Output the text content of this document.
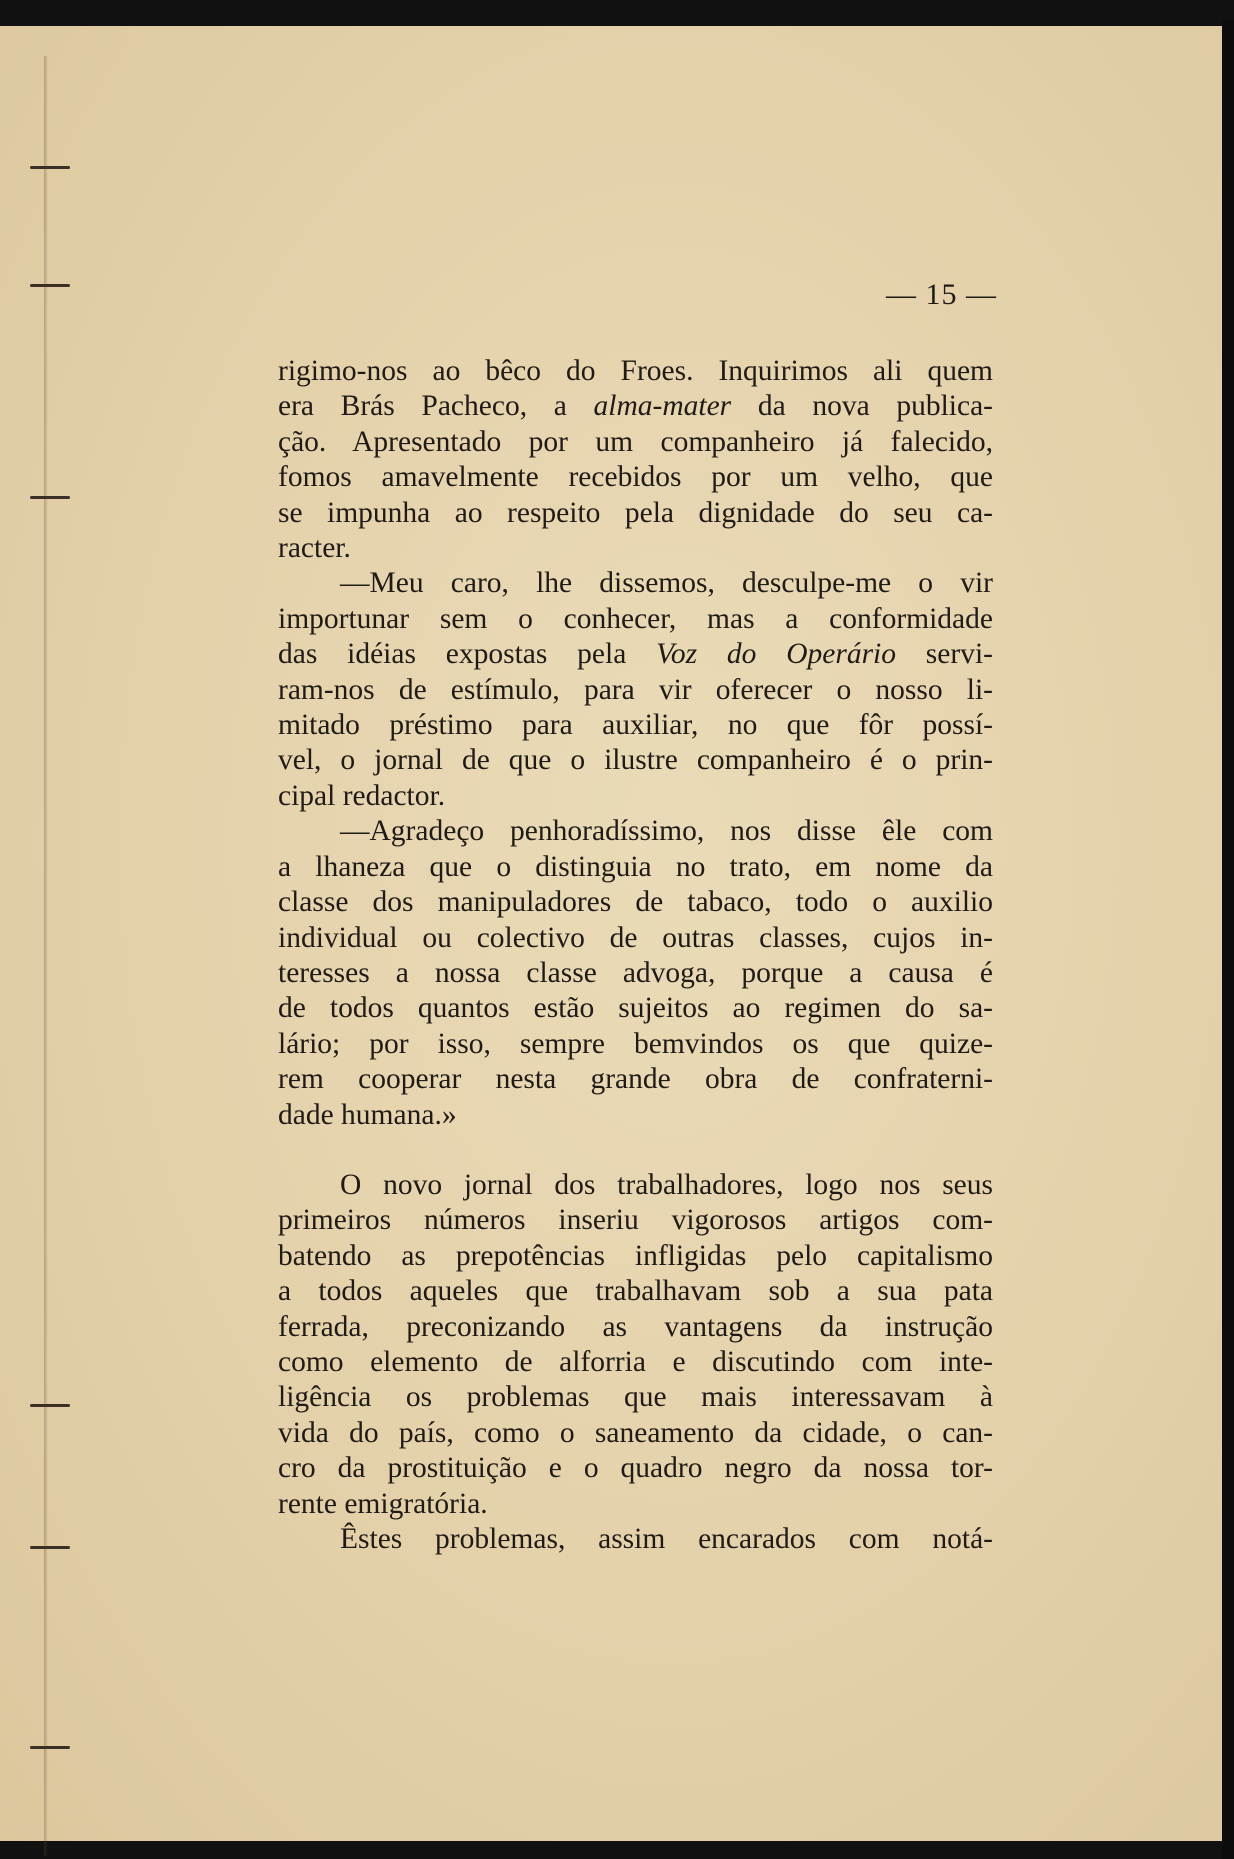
— 15 —
rigimo-nos ao bêco do Froes. Inquirimos ali quem
era Brás Pacheco, a alma-mater da nova publica-
ção. Apresentado por um companheiro já falecido,
fomos amavelmente recebidos por um velho, que
se impunha ao respeito pela dignidade do seu ca-
racter.
—Meu caro, lhe dissemos, desculpe-me o vir
importunar sem o conhecer, mas a conformidade
das idéias expostas pela Voz do Operário servi-
ram-nos de estímulo, para vir oferecer o nosso li-
mitado préstimo para auxiliar, no que fôr possí-
vel, o jornal de que o ilustre companheiro é o prin-
cipal redactor.
—Agradeço penhoradíssimo, nos disse êle com
a lhaneza que o distinguia no trato, em nome da
classe dos manipuladores de tabaco, todo o auxilio
individual ou colectivo de outras classes, cujos in-
teresses a nossa classe advoga, porque a causa é
de todos quantos estão sujeitos ao regimen do sa-
lário; por isso, sempre bemvindos os que quize-
rem cooperar nesta grande obra de confraterni-
dade humana.»
O novo jornal dos trabalhadores, logo nos seus
primeiros números inseriu vigorosos artigos com-
batendo as prepotências infligidas pelo capitalismo
a todos aqueles que trabalhavam sob a sua pata
ferrada, preconizando as vantagens da instrução
como elemento de alforria e discutindo com inte-
ligência os problemas que mais interessavam à
vida do país, como o saneamento da cidade, o can-
cro da prostituição e o quadro negro da nossa tor-
rente emigratória.
Êstes problemas, assim encarados com notá-
